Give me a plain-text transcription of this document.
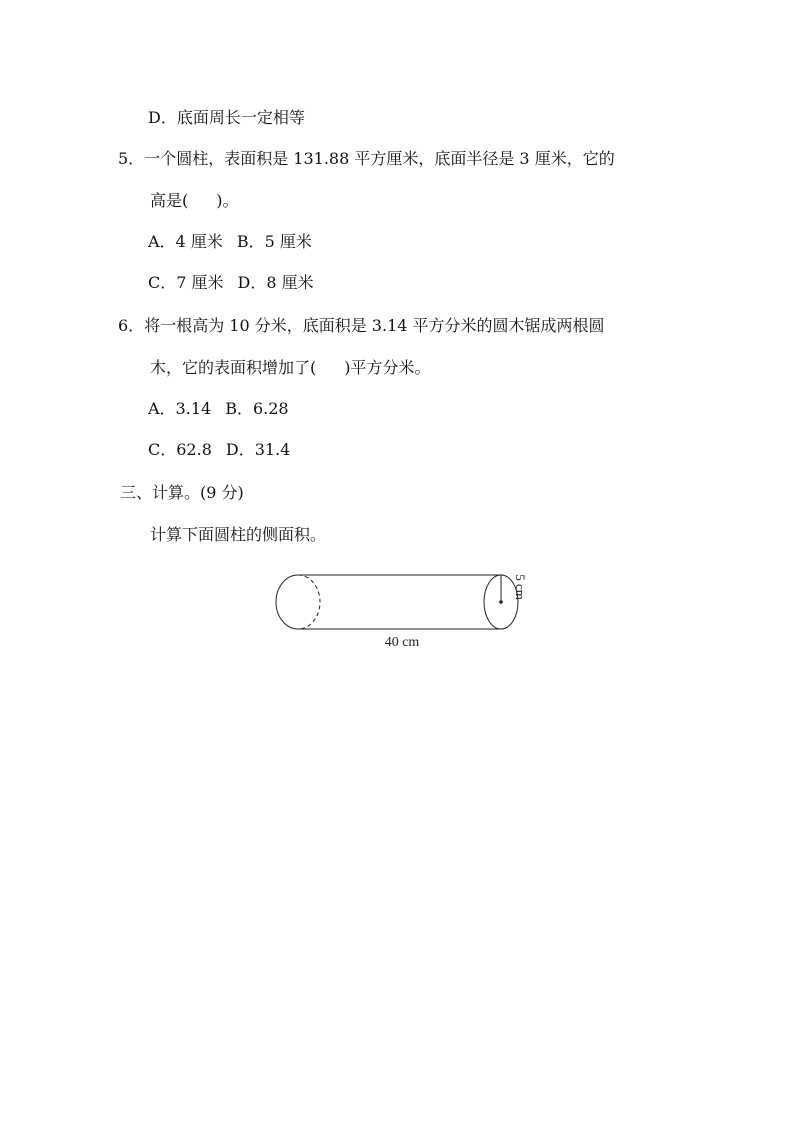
D．底面周长一定相等
5．一个圆柱，表面积是 131.88 平方厘米，底面半径是 3 厘米，它的
高是( )。
A．4 厘米 B．5 厘米
C．7 厘米 D．8 厘米
6．将一根高为 10 分米，底面积是 3.14 平方分米的圆木锯成两根圆
木，它的表面积增加了( )平方分米。
A．3.14 B．6.28
C．62.8 D．31.4
三、计算。(9 分)
计算下面圆柱的侧面积。
5 cm
40 cm
